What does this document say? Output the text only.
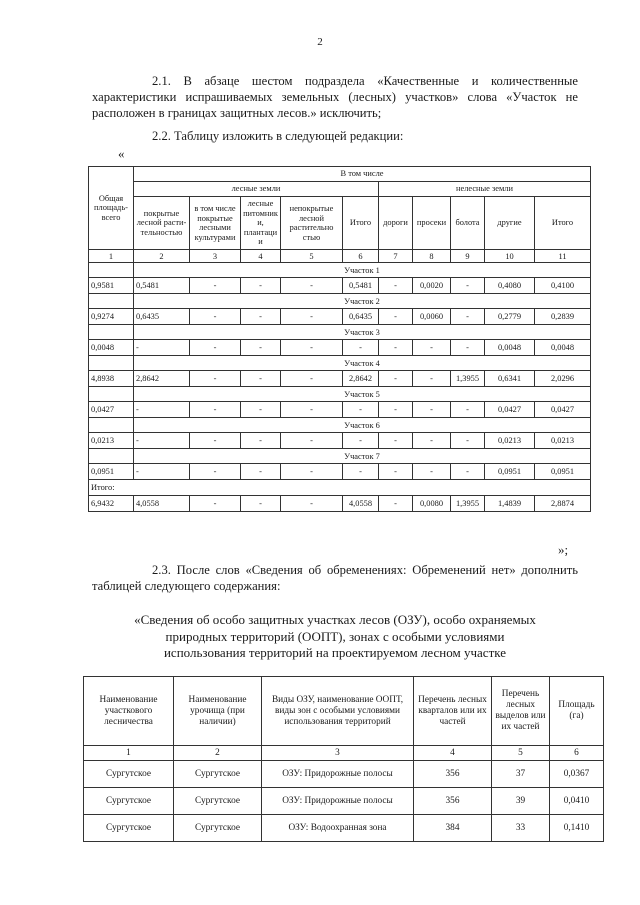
2

2.1. В абзаце шестом подраздела «Качественные и количественные характеристики испрашиваемых земельных (лесных) участков» слова «Участок не расположен в границах защитных лесов.» исключить;

2.2. Таблицу изложить в следующей редакции:

«
Общая площадь-всего	В том числе									
	лесные земли					нелесные земли				
	покрытые лесной расти-тельностью	в том числе покрытые лесными культурами	лесные питомник и, плантаци и	непокрытые лесной растительно стью	Итого	дороги	просеки	болота	другие	Итого
1	2	3	4	5	6	7	8	9	10	11
	Участок 1									
0,9581	0,5481	-	-	-	0,5481	-	0,0020	-	0,4080	0,4100
	Участок 2									
0,9274	0,6435	-	-	-	0,6435	-	0,0060	-	0,2779	0,2839
	Участок 3									
0,0048	-	-	-	-	-	-	-	-	0,0048	0,0048
	Участок 4									
4,8938	2,8642	-	-	-	2,8642	-	-	1,3955	0,6341	2,0296
	Участок 5									
0,0427	-	-	-	-	-	-	-	-	0,0427	0,0427
	Участок 6									
0,0213	-	-	-	-	-	-	-	-	0,0213	0,0213
	Участок 7									
0,0951	-	-	-	-	-	-	-	-	0,0951	0,0951
Итого:										
6,9432	4,0558	-	-	-	4,0558	-	0,0080	1,3955	1,4839	2,8874
»;

2.3. После слов «Сведения об обременениях: Обременений нет» дополнить таблицей следующего содержания:

«Сведения об особо защитных участках лесов (ОЗУ), особо охраняемых
природных территорий (ООПТ), зонах с особыми условиями
использования территорий на проектируемом лесном участке
Наименование участкового лесничества	Наименование урочища (при наличии)	Виды ОЗУ, наименование ООПТ, виды зон с особыми условиями использования территорий	Перечень лесных кварталов или их частей	Перечень лесных выделов или их частей	Площадь (га)
1	2	3	4	5	6
Сургутское	Сургутское	ОЗУ: Придорожные полосы	356	37	0,0367
Сургутское	Сургутское	ОЗУ: Придорожные полосы	356	39	0,0410
Сургутское	Сургутское	ОЗУ: Водоохранная зона	384	33	0,1410
